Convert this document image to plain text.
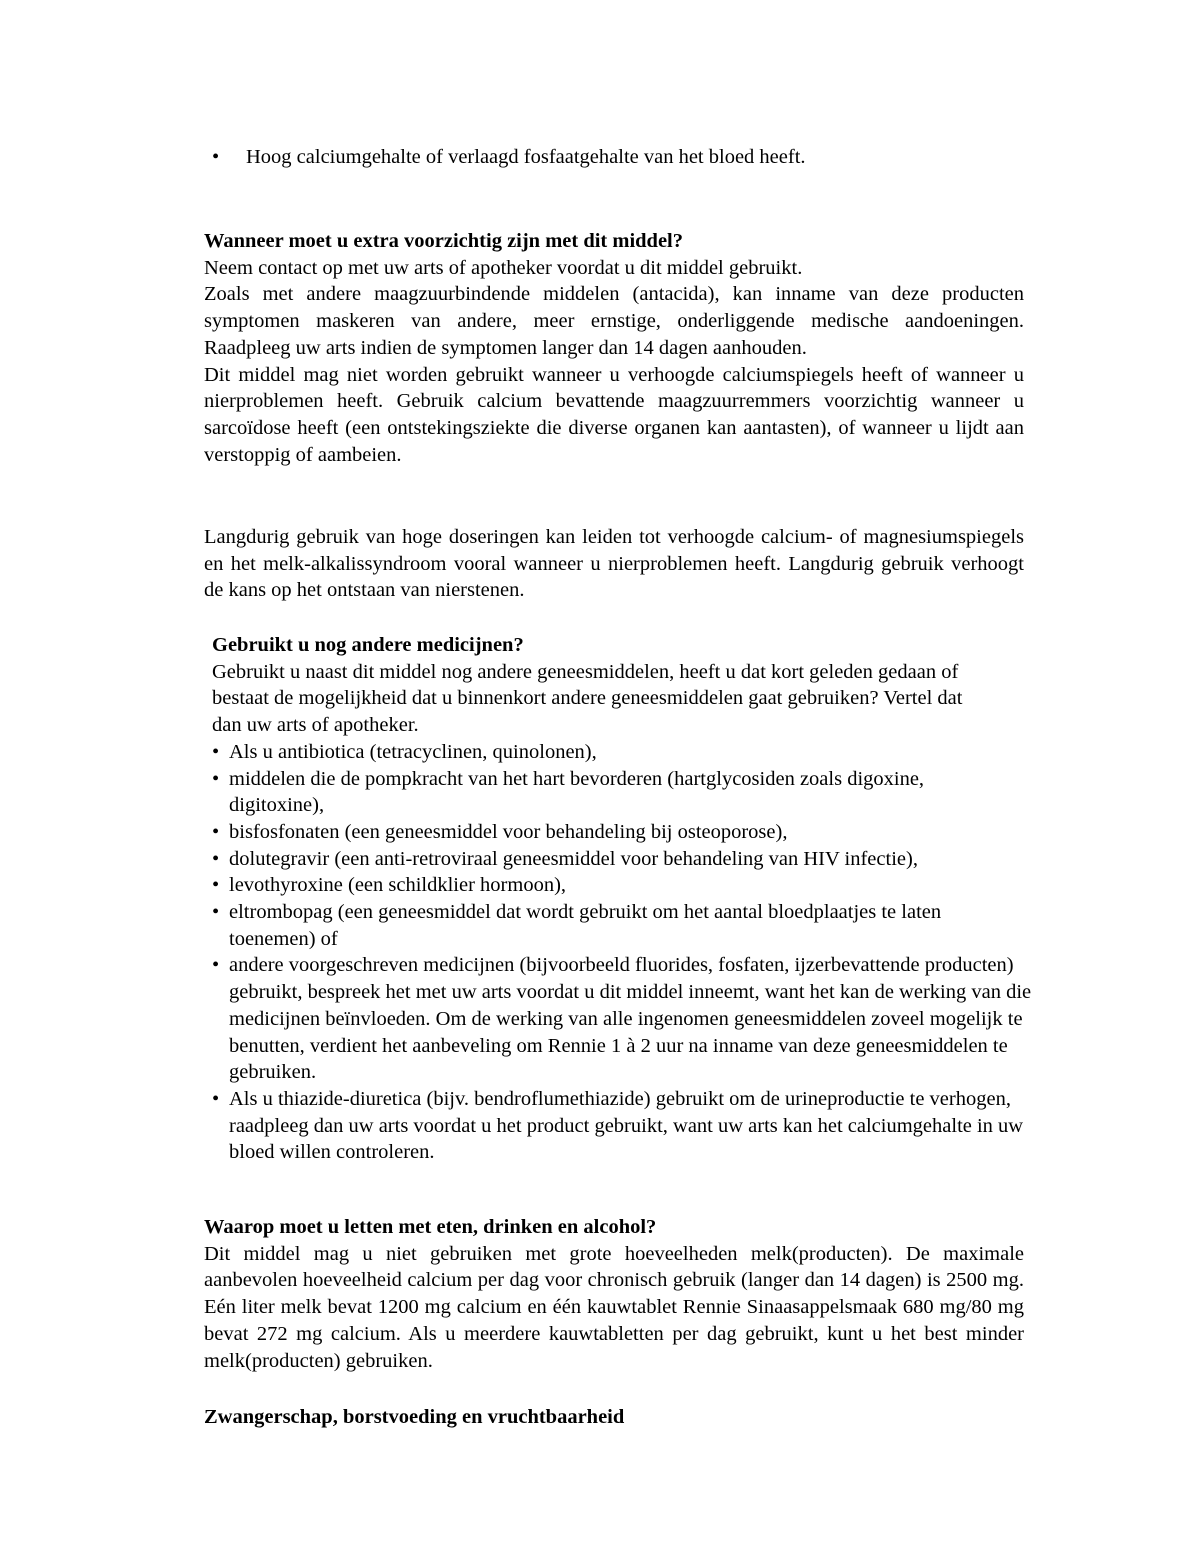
• Hoog calciumgehalte of verlaagd fosfaatgehalte van het bloed heeft.

Wanneer moet u extra voorzichtig zijn met dit middel?

Neem contact op met uw arts of apotheker voordat u dit middel gebruikt.

Zoals met andere maagzuurbindende middelen (antacida), kan inname van deze producten symptomen maskeren van andere, meer ernstige, onderliggende medische aandoeningen. Raadpleeg uw arts indien de symptomen langer dan 14 dagen aanhouden.

Dit middel mag niet worden gebruikt wanneer u verhoogde calciumspiegels heeft of wanneer u nierproblemen heeft. Gebruik calcium bevattende maagzuurremmers voorzichtig wanneer u sarcoïdose heeft (een ontstekingsziekte die diverse organen kan aantasten), of wanneer u lijdt aan verstoppig of aambeien.

Langdurig gebruik van hoge doseringen kan leiden tot verhoogde calcium- of magnesiumspiegels en het melk-alkalissyndroom vooral wanneer u nierproblemen heeft. Langdurig gebruik verhoogt de kans op het ontstaan van nierstenen.

Gebruikt u nog andere medicijnen?

Gebruikt u naast dit middel nog andere geneesmiddelen, heeft u dat kort geleden gedaan of bestaat de mogelijkheid dat u binnenkort andere geneesmiddelen gaat gebruiken? Vertel dat dan uw arts of apotheker.

• Als u antibiotica (tetracyclinen, quinolonen),
• middelen die de pompkracht van het hart bevorderen (hartglycosiden zoals digoxine, digitoxine),
• bisfosfonaten (een geneesmiddel voor behandeling bij osteoporose),
• dolutegravir (een anti-retroviraal geneesmiddel voor behandeling van HIV infectie),
• levothyroxine (een schildklier hormoon),
• eltrombopag (een geneesmiddel dat wordt gebruikt om het aantal bloedplaatjes te laten toenemen) of
• andere voorgeschreven medicijnen (bijvoorbeeld fluorides, fosfaten, ijzerbevattende producten) gebruikt, bespreek het met uw arts voordat u dit middel inneemt, want het kan de werking van die medicijnen beïnvloeden. Om de werking van alle ingenomen geneesmiddelen zoveel mogelijk te benutten, verdient het aanbeveling om Rennie 1 à 2 uur na inname van deze geneesmiddelen te gebruiken.
• Als u thiazide-diuretica (bijv. bendroflumethiazide) gebruikt om de urineproductie te verhogen, raadpleeg dan uw arts voordat u het product gebruikt, want uw arts kan het calciumgehalte in uw bloed willen controleren.

Waarop moet u letten met eten, drinken en alcohol?

Dit middel mag u niet gebruiken met grote hoeveelheden melk(producten). De maximale aanbevolen hoeveelheid calcium per dag voor chronisch gebruik (langer dan 14 dagen) is 2500 mg. Eén liter melk bevat 1200 mg calcium en één kauwtablet Rennie Sinaasappelsmaak 680 mg/80 mg bevat 272 mg calcium. Als u meerdere kauwtabletten per dag gebruikt, kunt u het best minder melk(producten) gebruiken.

Zwangerschap, borstvoeding en vruchtbaarheid
